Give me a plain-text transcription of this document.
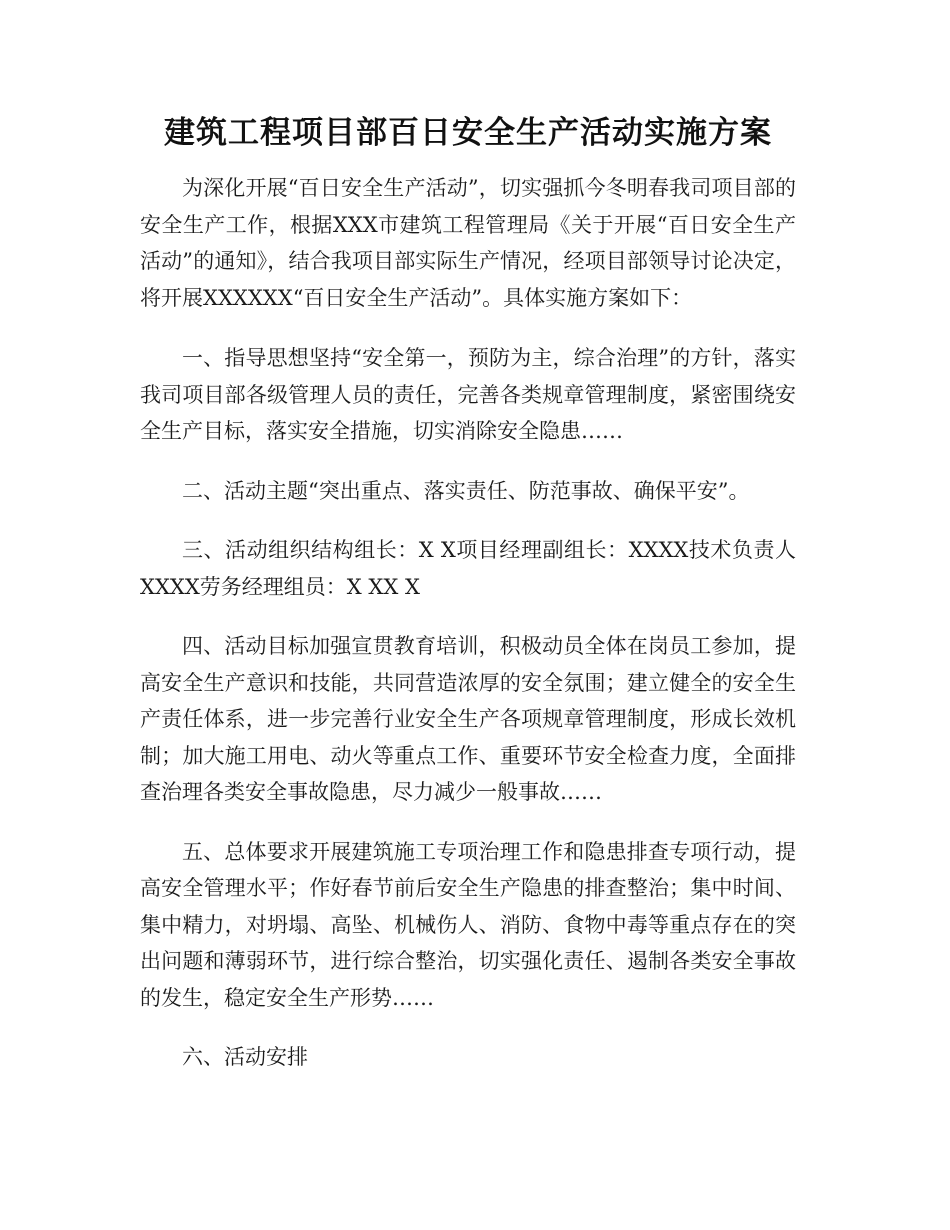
建筑工程项目部百日安全生产活动实施方案

为深化开展“百日安全生产活动”，切实强抓今冬明春我司项目部的安全生产工作，根据XXX市建筑工程管理局《关于开展“百日安全生产活动”的通知》，结合我项目部实际生产情况，经项目部领导讨论决定，将开展XXXXXX“百日安全生产活动”。具体实施方案如下：

一、指导思想坚持“安全第一，预防为主，综合治理”的方针，落实我司项目部各级管理人员的责任，完善各类规章管理制度，紧密围绕安全生产目标，落实安全措施，切实消除安全隐患……

二、活动主题“突出重点、落实责任、防范事故、确保平安”。

三、活动组织结构组长：X X项目经理副组长：XXXX技术负责人XXXX劳务经理组员：X XX X

四、活动目标加强宣贯教育培训，积极动员全体在岗员工参加，提高安全生产意识和技能，共同营造浓厚的安全氛围；建立健全的安全生产责任体系，进一步完善行业安全生产各项规章管理制度，形成长效机制；加大施工用电、动火等重点工作、重要环节安全检查力度，全面排查治理各类安全事故隐患，尽力减少一般事故……

五、总体要求开展建筑施工专项治理工作和隐患排查专项行动，提高安全管理水平；作好春节前后安全生产隐患的排查整治；集中时间、集中精力，对坍塌、高坠、机械伤人、消防、食物中毒等重点存在的突出问题和薄弱环节，进行综合整治，切实强化责任、遏制各类安全事故的发生，稳定安全生产形势……

六、活动安排
